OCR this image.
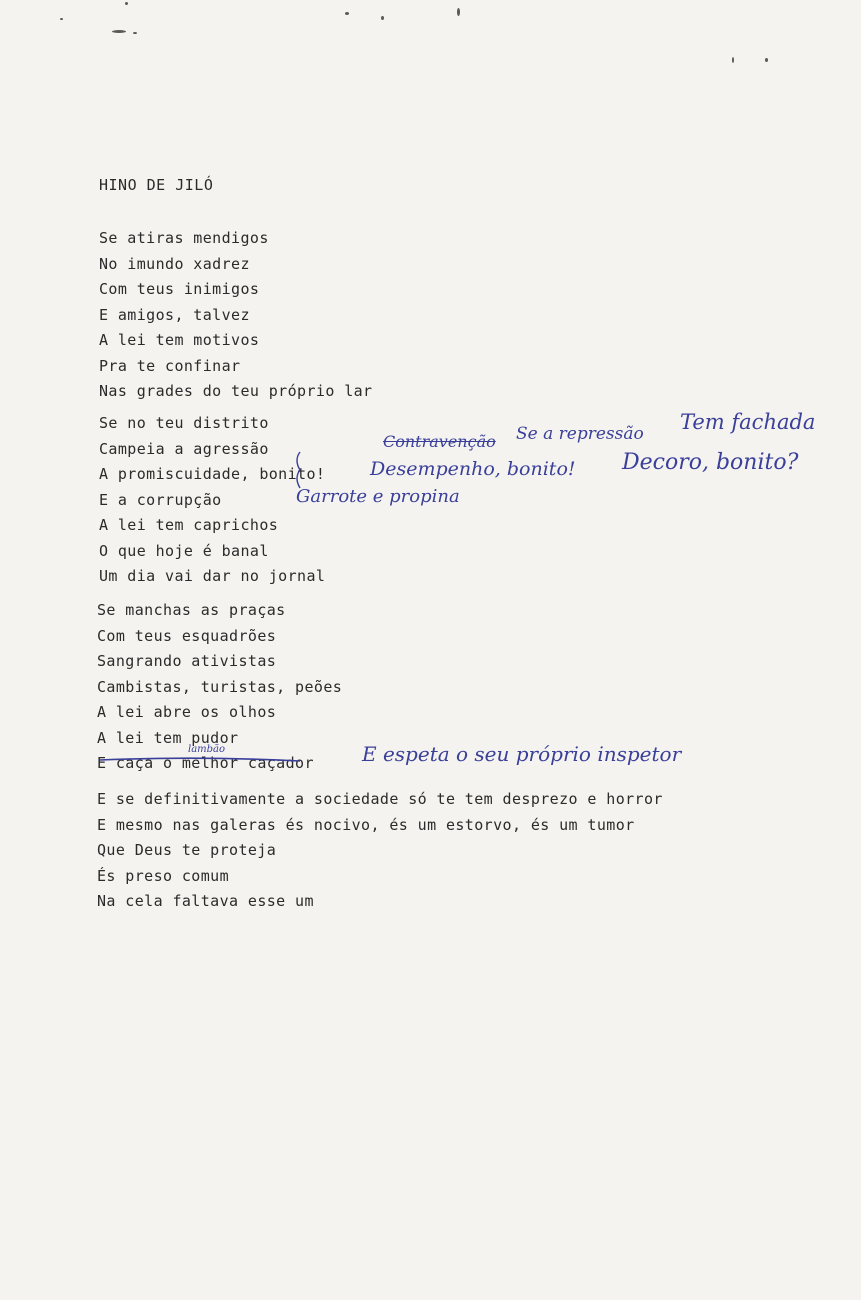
HINO DE JILÓ
Se atiras mendigos
No imundo xadrez
Com teus inimigos
E amigos, talvez
A lei tem motivos
Pra te confinar
Nas grades do teu próprio lar
Se no teu distrito
Campeia a agressão
A promiscuidade, bonito!
E a corrupção
A lei tem caprichos
O que hoje é banal
Um dia vai dar no jornal
Se manchas as praças
Com teus esquadrões
Sangrando ativistas
Cambistas, turistas, peões
A lei abre os olhos
A lei tem pudor
E caça o melhor caçador
E se definitivamente a sociedade só te tem desprezo e horror
E mesmo nas galeras és nocivo, és um estorvo, és um tumor
Que Deus te proteja
És preso comum
Na cela faltava esse um
Contravenção Se a repressão Tem fachada
Desempenho, bonito! Decoro, bonito?
Garrote e propina
E espeta o seu próprio inspetor
lambão
